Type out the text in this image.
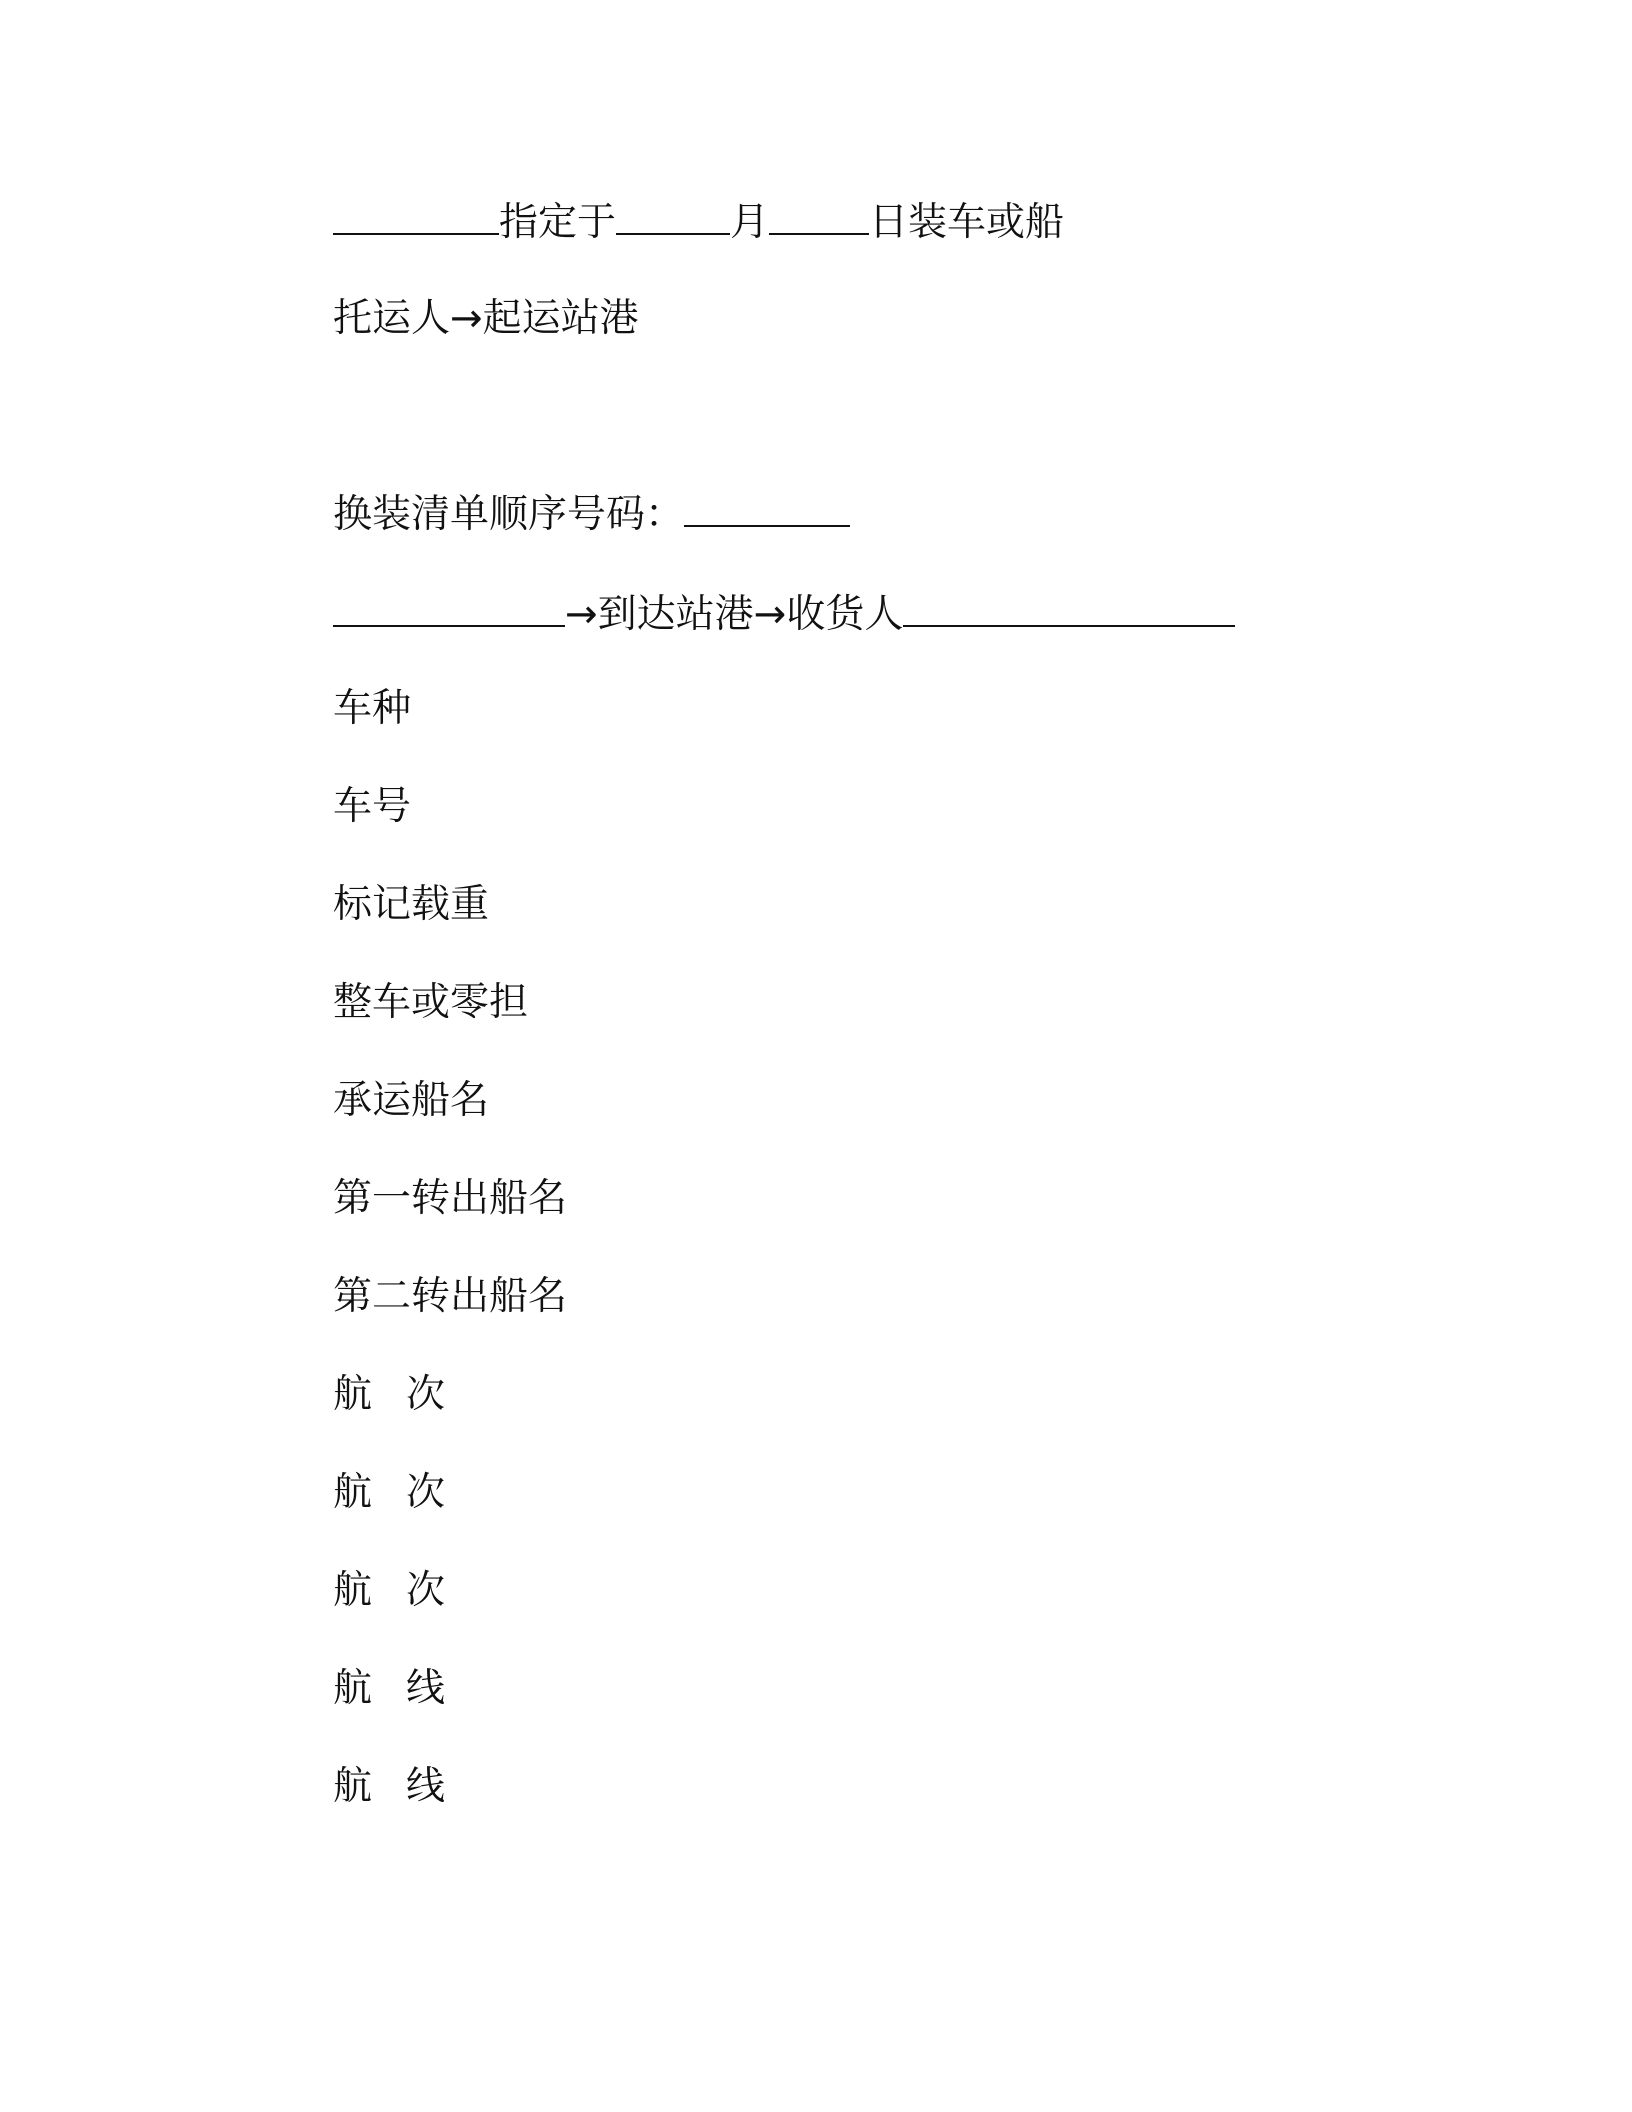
指定于	月	日装车或船
托运人→起运站港
换装清单顺序号码：
→到达站港→收货人
车种
车号
标记载重
整车或零担
承运船名
第一转出船名
第二转出船名
航 次
航 次
航 次
航 线
航 线
